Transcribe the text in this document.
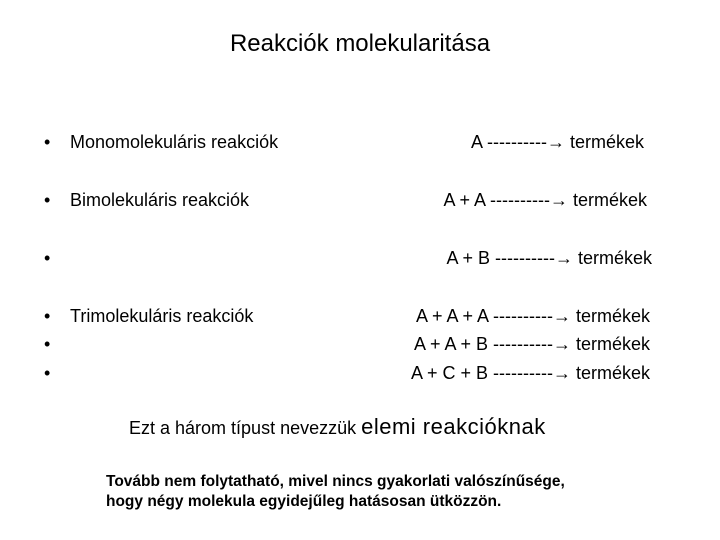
Reakciók molekularitása
• Monomolekuláris reakciók	A ----------→ termékek
• Bimolekuláris reakciók	A + A ----------→ termékek
•	A + B ----------→ termékek
• Trimolekuláris reakciók	A + A + A ----------→ termékek
•	A + A + B ----------→ termékek
•	A + C + B ----------→ termékek
Ezt a három típust nevezzük elemi reakcióknak
Tovább nem folytatható, mivel nincs gyakorlati valószínűsége,
hogy négy molekula egyidejűleg hatásosan ütközzön.
